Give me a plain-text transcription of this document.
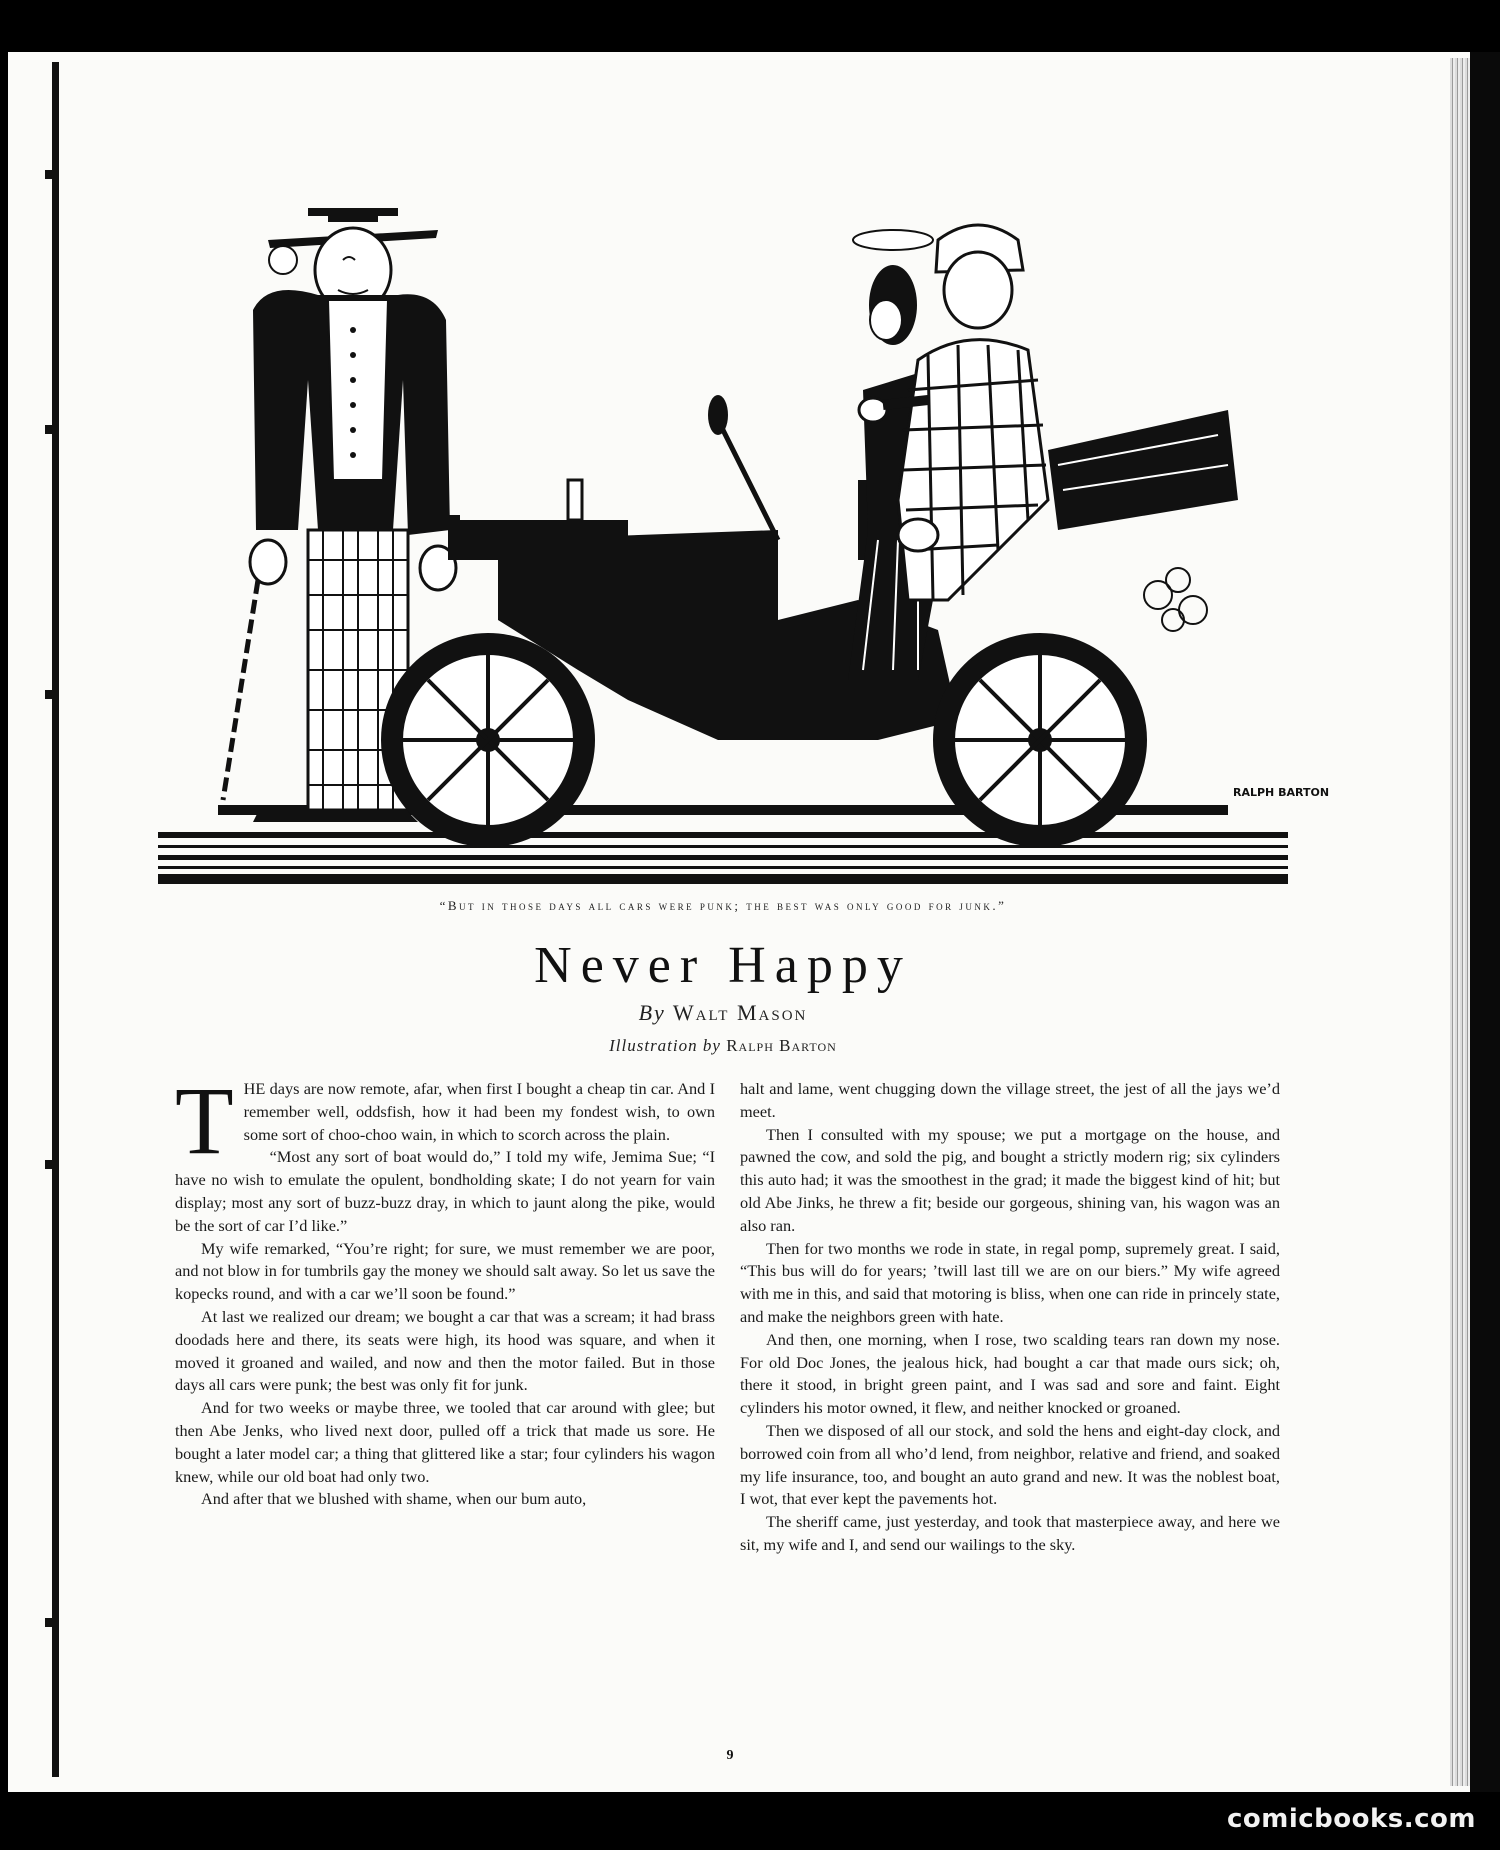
RALPH BARTON
“But in those days all cars were punk; the best was only good for junk.”
Never Happy
By Walt Mason
Illustration by Ralph Barton

THE days are now remote, afar, when first I bought a cheap tin car. And I remember well, oddsfish, how it had been my fondest wish, to own some sort of choo-choo wain, in which to scorch across the plain.

“Most any sort of boat would do,” I told my wife, Jemima Sue; “I have no wish to emulate the opulent, bondholding skate; I do not yearn for vain display; most any sort of buzz-buzz dray, in which to jaunt along the pike, would be the sort of car I’d like.”

My wife remarked, “You’re right; for sure, we must remember we are poor, and not blow in for tumbrils gay the money we should salt away. So let us save the kopecks round, and with a car we’ll soon be found.”

At last we realized our dream; we bought a car that was a scream; it had brass doodads here and there, its seats were high, its hood was square, and when it moved it groaned and wailed, and now and then the motor failed. But in those days all cars were punk; the best was only fit for junk.

And for two weeks or maybe three, we tooled that car around with glee; but then Abe Jenks, who lived next door, pulled off a trick that made us sore. He bought a later model car; a thing that glittered like a star; four cylinders his wagon knew, while our old boat had only two.

And after that we blushed with shame, when our bum auto,

halt and lame, went chugging down the village street, the jest of all the jays we’d meet.

Then I consulted with my spouse; we put a mortgage on the house, and pawned the cow, and sold the pig, and bought a strictly modern rig; six cylinders this auto had; it was the smoothest in the grad; it made the biggest kind of hit; but old Abe Jinks, he threw a fit; beside our gorgeous, shining van, his wagon was an also ran.

Then for two months we rode in state, in regal pomp, supremely great. I said, “This bus will do for years; ’twill last till we are on our biers.” My wife agreed with me in this, and said that motoring is bliss, when one can ride in princely state, and make the neighbors green with hate.

And then, one morning, when I rose, two scalding tears ran down my nose. For old Doc Jones, the jealous hick, had bought a car that made ours sick; oh, there it stood, in bright green paint, and I was sad and sore and faint. Eight cylinders his motor owned, it flew, and neither knocked or groaned.

Then we disposed of all our stock, and sold the hens and eight-day clock, and borrowed coin from all who’d lend, from neighbor, relative and friend, and soaked my life insurance, too, and bought an auto grand and new. It was the noblest boat, I wot, that ever kept the pavements hot.

The sheriff came, just yesterday, and took that masterpiece away, and here we sit, my wife and I, and send our wailings to the sky.

9
comicbooks.com
